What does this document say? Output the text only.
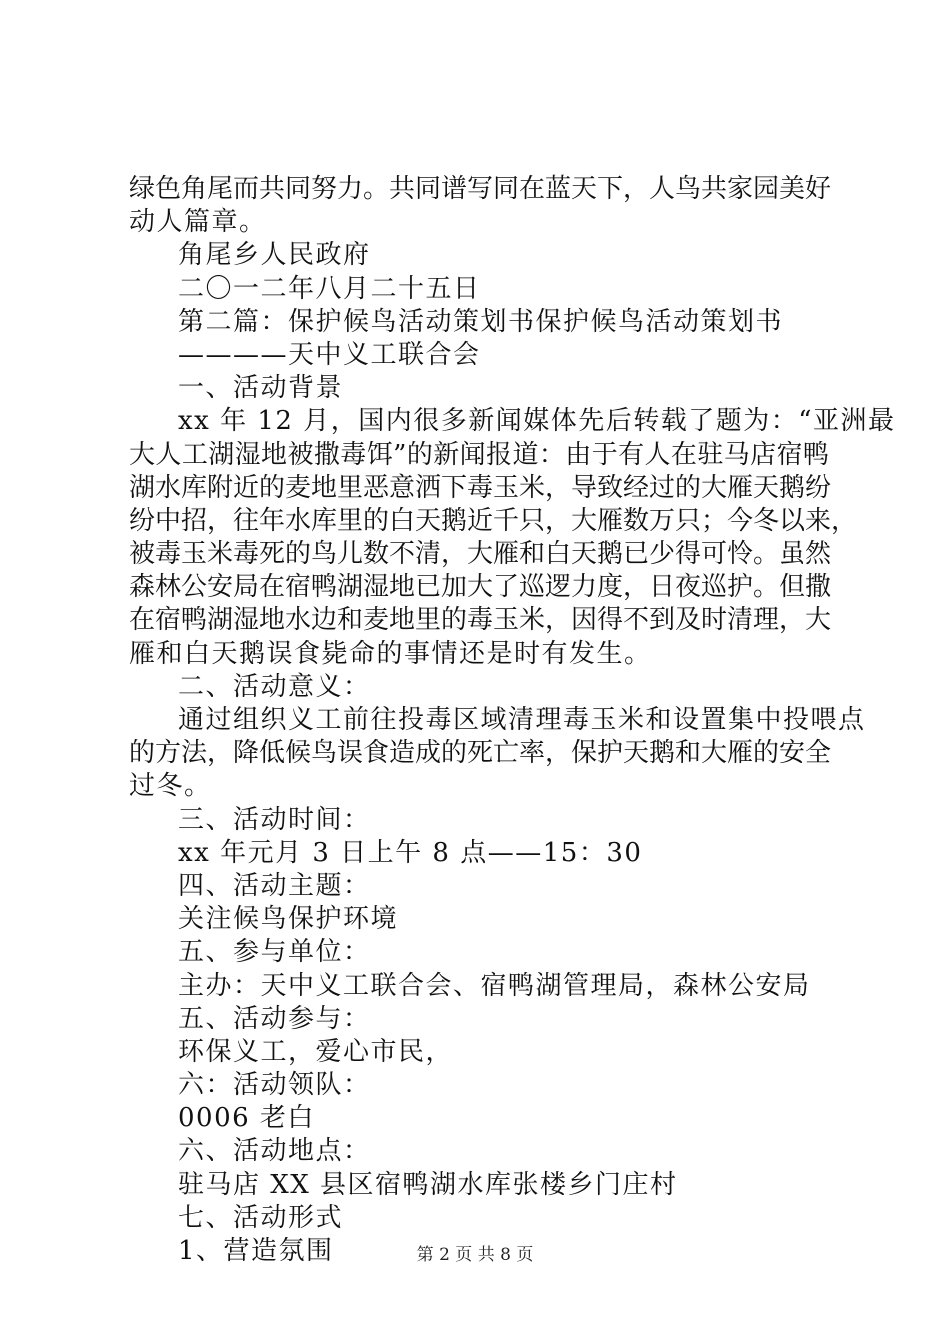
绿色角尾而共同努力。共同谱写同在蓝天下，人鸟共家园美好
动人篇章。
角尾乡人民政府
二〇一二年八月二十五日
第二篇：保护候鸟活动策划书保护候鸟活动策划书
————天中义工联合会
一、活动背景
xx 年 12 月，国内很多新闻媒体先后转载了题为：“亚洲最
大人工湖湿地被撒毒饵”的新闻报道：由于有人在驻马店宿鸭
湖水库附近的麦地里恶意洒下毒玉米，导致经过的大雁天鹅纷
纷中招，往年水库里的白天鹅近千只，大雁数万只；今冬以来，
被毒玉米毒死的鸟儿数不清，大雁和白天鹅已少得可怜。虽然
森林公安局在宿鸭湖湿地已加大了巡逻力度，日夜巡护。但撒
在宿鸭湖湿地水边和麦地里的毒玉米，因得不到及时清理，大
雁和白天鹅误食毙命的事情还是时有发生。
二、活动意义：
通过组织义工前往投毒区域清理毒玉米和设置集中投喂点
的方法，降低候鸟误食造成的死亡率，保护天鹅和大雁的安全
过冬。
三、活动时间：
xx 年元月 3 日上午 8 点——15：30
四、活动主题：
关注候鸟保护环境
五、参与单位：
主办：天中义工联合会、宿鸭湖管理局，森林公安局
五、活动参与：
环保义工，爱心市民，
六：活动领队：
0006 老白
六、活动地点：
驻马店 XX 县区宿鸭湖水库张楼乡门庄村
七、活动形式
1、营造氛围	第 2 页 共 8 页
